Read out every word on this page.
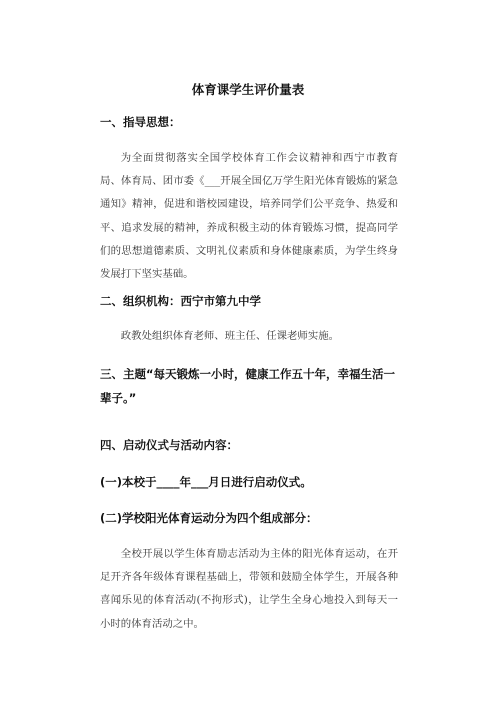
体育课学生评价量表
一、指导思想：
为全面贯彻落实全国学校体育工作会议精神和西宁市教育局、体育局、团市委《___开展全国亿万学生阳光体育锻炼的紧急通知》精神，促进和谐校园建设，培养同学们公平竞争、热爱和平、追求发展的精神，养成积极主动的体育锻炼习惯，提高同学们的思想道德素质、文明礼仪素质和身体健康素质，为学生终身发展打下坚实基础。
二、组织机构：西宁市第九中学
政教处组织体育老师、班主任、任课老师实施。
三、主题“每天锻炼一小时，健康工作五十年，幸福生活一辈子。”
四、启动仪式与活动内容：
(一)本校于____年___月日进行启动仪式。
(二)学校阳光体育运动分为四个组成部分：
全校开展以学生体育励志活动为主体的阳光体育运动，在开足开齐各年级体育课程基础上，带领和鼓励全体学生，开展各种喜闻乐见的体育活动(不拘形式)，让学生全身心地投入到每天一小时的体育活动之中。
